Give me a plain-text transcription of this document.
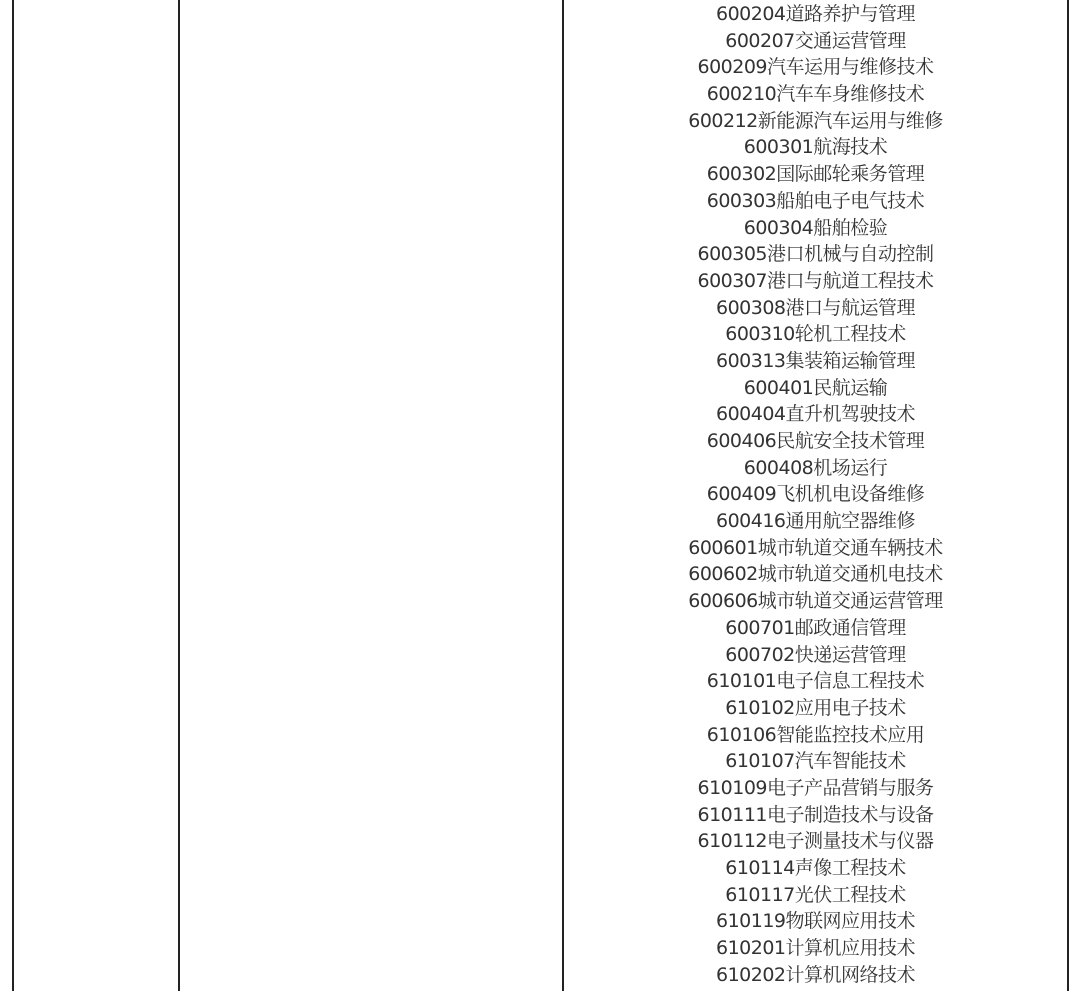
600204道路养护与管理
600207交通运营管理
600209汽车运用与维修技术
600210汽车车身维修技术
600212新能源汽车运用与维修
600301航海技术
600302国际邮轮乘务管理
600303船舶电子电气技术
600304船舶检验
600305港口机械与自动控制
600307港口与航道工程技术
600308港口与航运管理
600310轮机工程技术
600313集装箱运输管理
600401民航运输
600404直升机驾驶技术
600406民航安全技术管理
600408机场运行
600409飞机机电设备维修
600416通用航空器维修
600601城市轨道交通车辆技术
600602城市轨道交通机电技术
600606城市轨道交通运营管理
600701邮政通信管理
600702快递运营管理
610101电子信息工程技术
610102应用电子技术
610106智能监控技术应用
610107汽车智能技术
610109电子产品营销与服务
610111电子制造技术与设备
610112电子测量技术与仪器
610114声像工程技术
610117光伏工程技术
610119物联网应用技术
610201计算机应用技术
610202计算机网络技术
